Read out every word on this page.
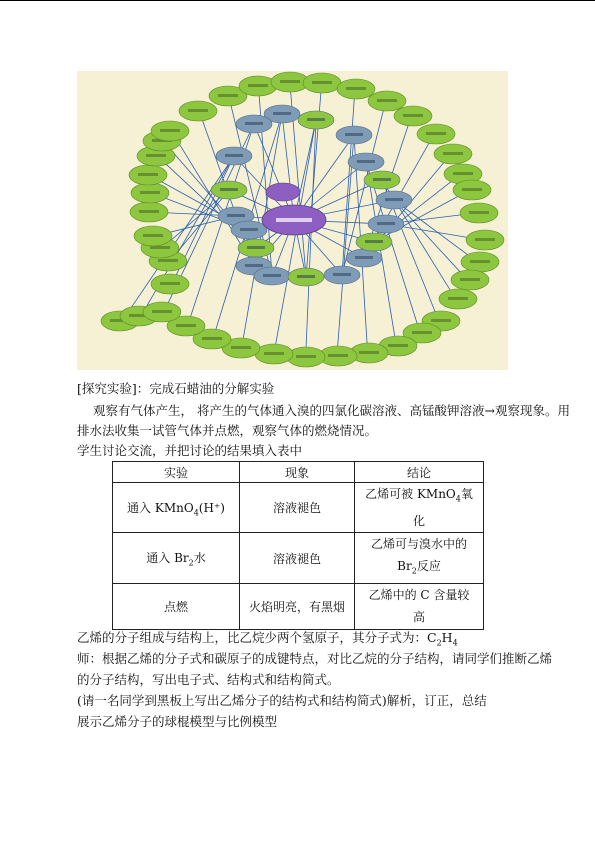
[探究实验]：完成石蜡油的分解实验
观察有气体产生， 将产生的气体通入溴的四氯化碳溶液、高锰酸钾溶液→观察现象。用
排水法收集一试管气体并点燃，观察气体的燃烧情况。
学生讨论交流，并把讨论的结果填入表中
实验	现象	结论
通入 KMnO$_4$(H⁺)	溶液褪色	乙烯可被 KMnO$_4$氧
化
通入 $Br_2$水	溶液褪色	乙烯可与溴水中的
$Br_2$反应
点燃	火焰明亮，有黑烟	乙烯中的 C 含量较
高
乙烯的分子组成与结构上，比乙烷少两个氢原子，其分子式为：$C_2H_4$
师：根据乙烯的分子式和碳原子的成键特点，对比乙烷的分子结构，请同学们推断乙烯
的分子结构，写出电子式、结构式和结构简式。
(请一名同学到黑板上写出乙烯分子的结构式和结构简式)解析，订正，总结
展示乙烯分子的球棍模型与比例模型
